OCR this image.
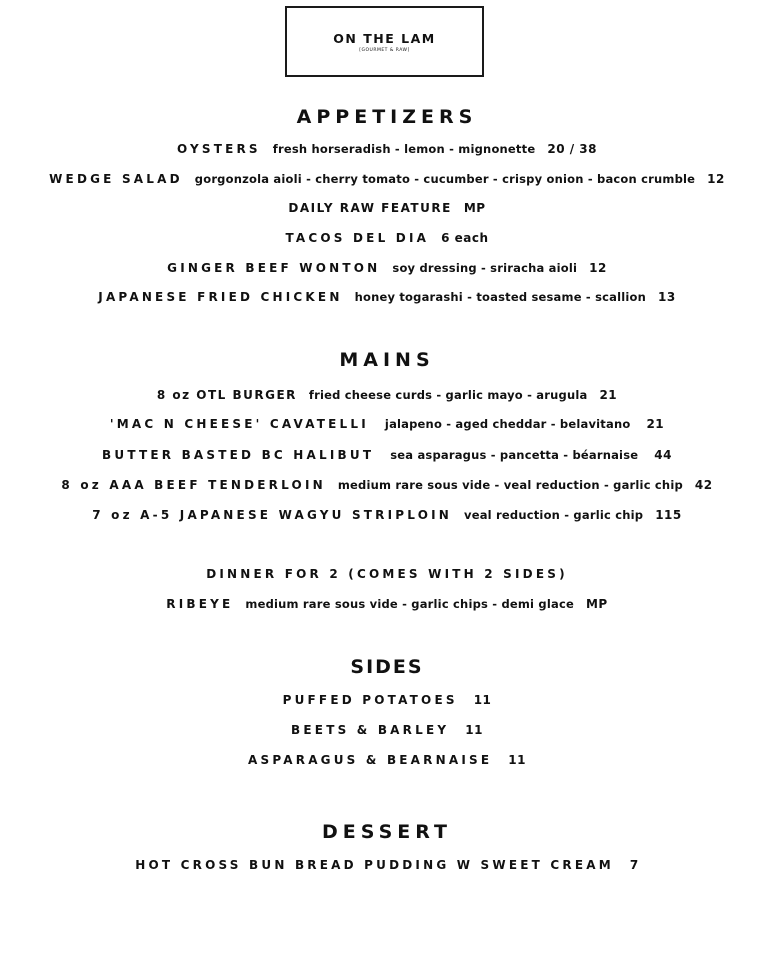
ON THE LAM
[GOURMET & RAW]
APPETIZERS
OYSTERS fresh horseradish - lemon - mignonette 20 / 38
WEDGE SALAD gorgonzola aioli - cherry tomato - cucumber - crispy onion - bacon crumble 12
DAILY RAW FEATURE MP
TACOS DEL DIA 6 each
GINGER BEEF WONTON soy dressing - sriracha aioli 12
JAPANESE FRIED CHICKEN honey togarashi - toasted sesame - scallion 13
MAINS
8 oz OTL BURGER fried cheese curds - garlic mayo - arugula 21
'MAC N CHEESE' CAVATELLI jalapeno - aged cheddar - belavitano 21
BUTTER BASTED BC HALIBUT sea asparagus - pancetta - béarnaise 44
8 oz AAA BEEF TENDERLOIN medium rare sous vide - veal reduction - garlic chip 42
7 oz A-5 JAPANESE WAGYU STRIPLOIN veal reduction - garlic chip 115
DINNER FOR 2 (COMES WITH 2 SIDES)
RIBEYE medium rare sous vide - garlic chips - demi glace MP
SIDES
PUFFED POTATOES 11
BEETS & BARLEY 11
ASPARAGUS & BEARNAISE 11
DESSERT
HOT CROSS BUN BREAD PUDDING W SWEET CREAM 7
